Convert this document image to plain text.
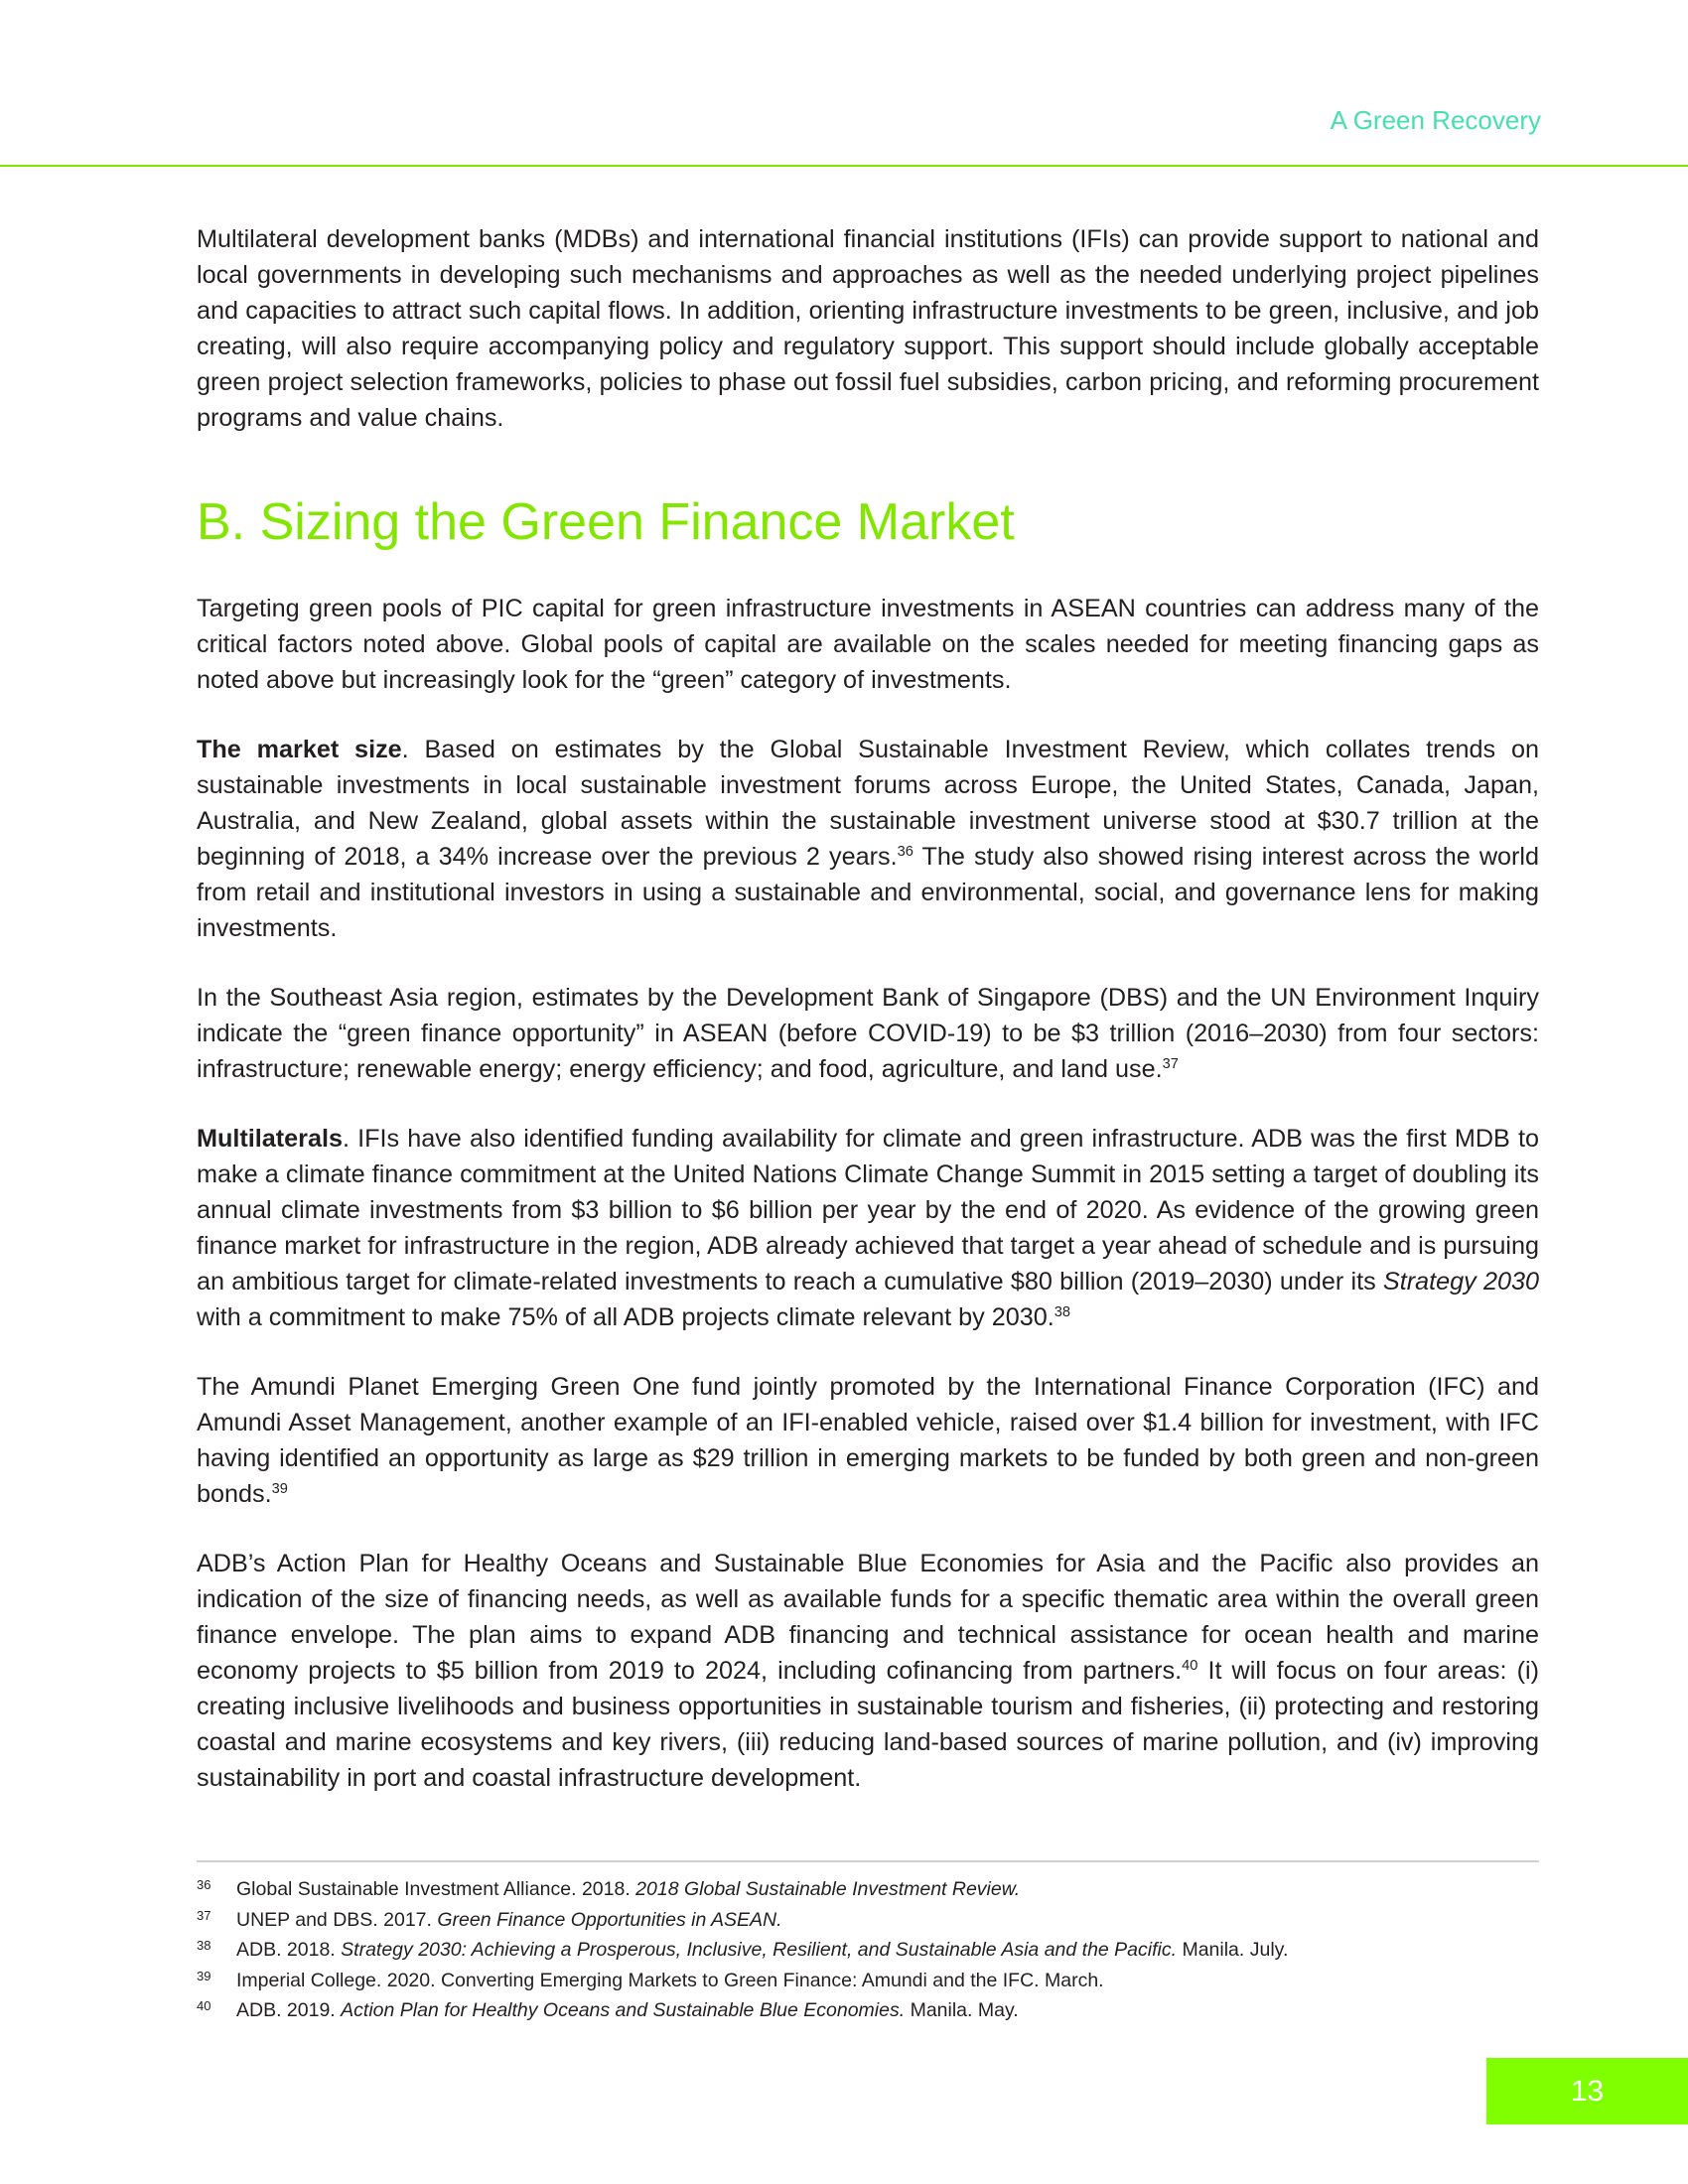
A Green Recovery

Multilateral development banks (MDBs) and international financial institutions (IFIs) can provide support to national and local governments in developing such mechanisms and approaches as well as the needed underlying project pipelines and capacities to attract such capital flows. In addition, orienting infrastructure investments to be green, inclusive, and job creating, will also require accompanying policy and regulatory support. This support should include globally acceptable green project selection frameworks, policies to phase out fossil fuel subsidies, carbon pricing, and reforming procurement programs and value chains.

B. Sizing the Green Finance Market

Targeting green pools of PIC capital for green infrastructure investments in ASEAN countries can address many of the critical factors noted above. Global pools of capital are available on the scales needed for meeting financing gaps as noted above but increasingly look for the “green” category of investments.

The market size. Based on estimates by the Global Sustainable Investment Review, which collates trends on sustainable investments in local sustainable investment forums across Europe, the United States, Canada, Japan, Australia, and New Zealand, global assets within the sustainable investment universe stood at $30.7 trillion at the beginning of 2018, a 34% increase over the previous 2 years.$^{36}$ The study also showed rising interest across the world from retail and institutional investors in using a sustainable and environmental, social, and governance lens for making investments.

In the Southeast Asia region, estimates by the Development Bank of Singapore (DBS) and the UN Environment Inquiry indicate the “green finance opportunity” in ASEAN (before COVID-19) to be $3 trillion (2016–2030) from four sectors: infrastructure; renewable energy; energy efficiency; and food, agriculture, and land use.$^{37}$

Multilaterals. IFIs have also identified funding availability for climate and green infrastructure. ADB was the first MDB to make a climate finance commitment at the United Nations Climate Change Summit in 2015 setting a target of doubling its annual climate investments from $3 billion to $6 billion per year by the end of 2020. As evidence of the growing green finance market for infrastructure in the region, ADB already achieved that target a year ahead of schedule and is pursuing an ambitious target for climate-related investments to reach a cumulative $80 billion (2019–2030) under its Strategy 2030 with a commitment to make 75% of all ADB projects climate relevant by 2030.38

The Amundi Planet Emerging Green One fund jointly promoted by the International Finance Corporation (IFC) and Amundi Asset Management, another example of an IFI-enabled vehicle, raised over $1.4 billion for investment, with IFC having identified an opportunity as large as $29 trillion in emerging markets to be funded by both green and non-green bonds.$^{39}$

ADB’s Action Plan for Healthy Oceans and Sustainable Blue Economies for Asia and the Pacific also provides an indication of the size of financing needs, as well as available funds for a specific thematic area within the overall green finance envelope. The plan aims to expand ADB financing and technical assistance for ocean health and marine economy projects to $5 billion from 2019 to 2024, including cofinancing from partners.$^{40}$ It will focus on four areas: (i) creating inclusive livelihoods and business opportunities in sustainable tourism and fisheries, (ii) protecting and restoring coastal and marine ecosystems and key rivers, (iii) reducing land-based sources of marine pollution, and (iv) improving sustainability in port and coastal infrastructure development.

36	Global Sustainable Investment Alliance. 2018. 2018 Global Sustainable Investment Review.
37	UNEP and DBS. 2017. Green Finance Opportunities in ASEAN.
38	ADB. 2018. Strategy 2030: Achieving a Prosperous, Inclusive, Resilient, and Sustainable Asia and the Pacific. Manila. July.
39	Imperial College. 2020. Converting Emerging Markets to Green Finance: Amundi and the IFC. March.
40	ADB. 2019. Action Plan for Healthy Oceans and Sustainable Blue Economies. Manila. May.
13
